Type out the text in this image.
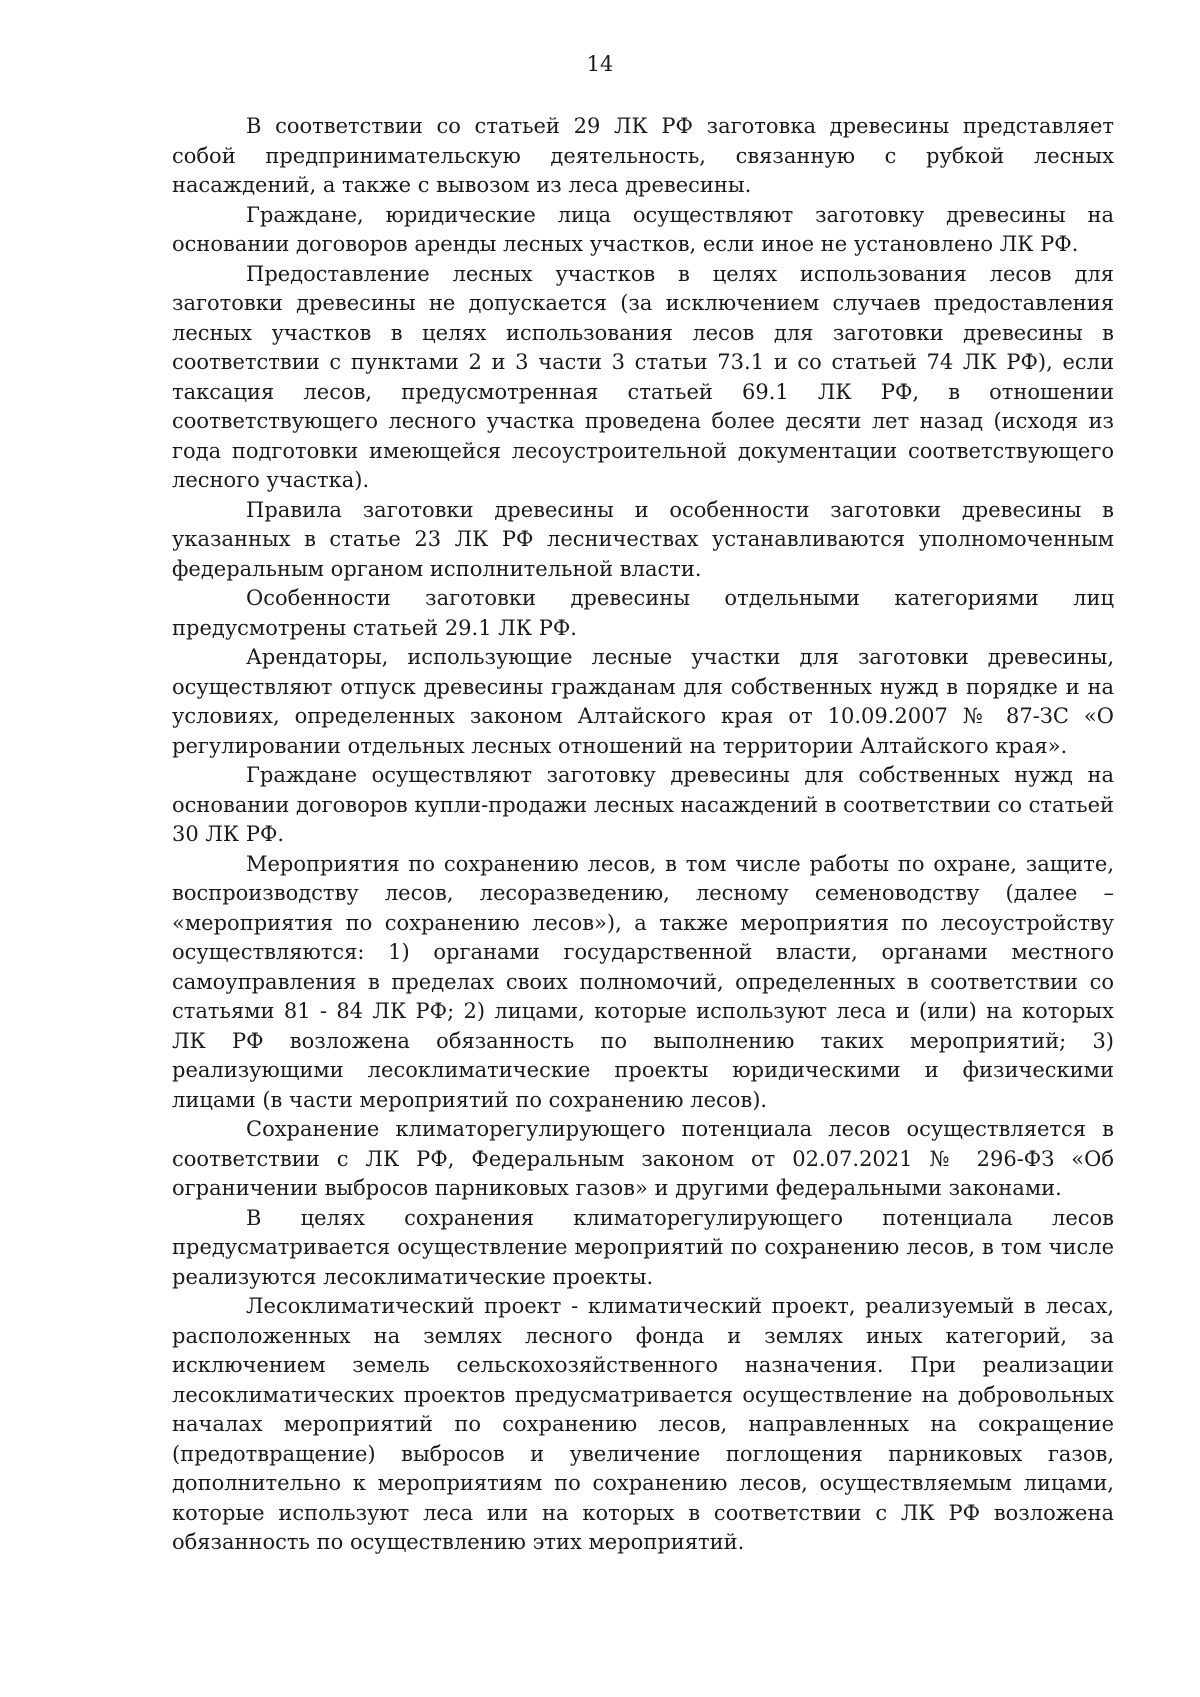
14

В соответствии со статьей 29 ЛК РФ заготовка древесины представляет собой предпринимательскую деятельность, связанную с рубкой лесных насаждений, а также с вывозом из леса древесины.

Граждане, юридические лица осуществляют заготовку древесины на основании договоров аренды лесных участков, если иное не установлено ЛК РФ.

Предоставление лесных участков в целях использования лесов для заготовки древесины не допускается (за исключением случаев предоставления лесных участков в целях использования лесов для заготовки древесины в соответствии с пунктами 2 и 3 части 3 статьи 73.1 и со статьей 74 ЛК РФ), если таксация лесов, предусмотренная статьей 69.1 ЛК РФ, в отношении соответствующего лесного участка проведена более десяти лет назад (исходя из года подготовки имеющейся лесоустроительной документации соответствующего лесного участка).

Правила заготовки древесины и особенности заготовки древесины в указанных в статье 23 ЛК РФ лесничествах устанавливаются уполномоченным федеральным органом исполнительной власти.

Особенности заготовки древесины отдельными категориями лиц предусмотрены статьей 29.1 ЛК РФ.

Арендаторы, использующие лесные участки для заготовки древесины, осуществляют отпуск древесины гражданам для собственных нужд в порядке и на условиях, определенных законом Алтайского края от 10.09.2007 № 87-ЗС «О регулировании отдельных лесных отношений на территории Алтайского края».

Граждане осуществляют заготовку древесины для собственных нужд на основании договоров купли-продажи лесных насаждений в соответствии со статьей 30 ЛК РФ.

Мероприятия по сохранению лесов, в том числе работы по охране, защите, воспроизводству лесов, лесоразведению, лесному семеноводству (далее – «мероприятия по сохранению лесов»), а также мероприятия по лесоустройству осуществляются: 1) органами государственной власти, органами местного самоуправления в пределах своих полномочий, определенных в соответствии со статьями 81 - 84 ЛК РФ; 2) лицами, которые используют леса и (или) на которых ЛК РФ возложена обязанность по выполнению таких мероприятий; 3) реализующими лесоклиматические проекты юридическими и физическими лицами (в части мероприятий по сохранению лесов).

Сохранение климаторегулирующего потенциала лесов осуществляется в соответствии с ЛК РФ, Федеральным законом от 02.07.2021 № 296-ФЗ «Об ограничении выбросов парниковых газов» и другими федеральными законами.

В целях сохранения климаторегулирующего потенциала лесов предусматривается осуществление мероприятий по сохранению лесов, в том числе реализуются лесоклиматические проекты.

Лесоклиматический проект - климатический проект, реализуемый в лесах, расположенных на землях лесного фонда и землях иных категорий, за исключением земель сельскохозяйственного назначения. При реализации лесоклиматических проектов предусматривается осуществление на добровольных началах мероприятий по сохранению лесов, направленных на сокращение (предотвращение) выбросов и увеличение поглощения парниковых газов, дополнительно к мероприятиям по сохранению лесов, осуществляемым лицами, которые используют леса или на которых в соответствии с ЛК РФ возложена обязанность по осуществлению этих мероприятий.
